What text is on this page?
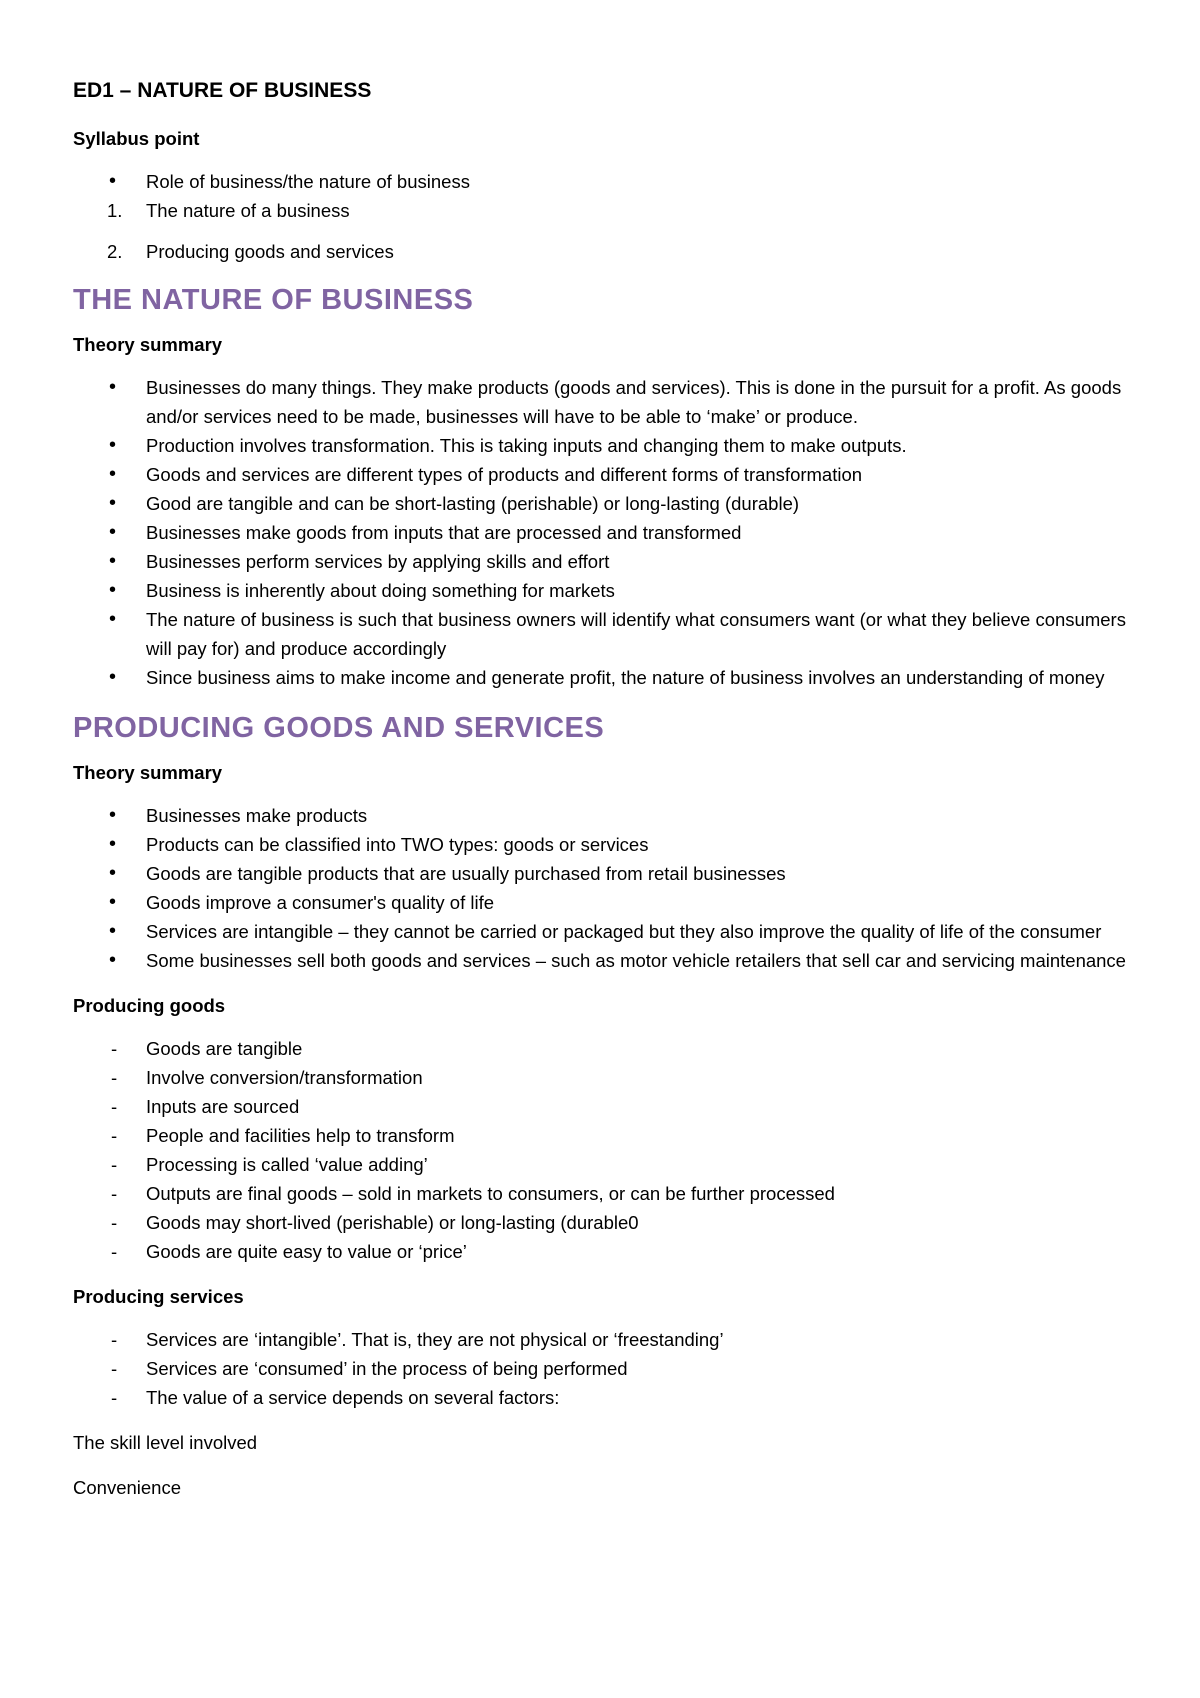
ED1 – NATURE OF BUSINESS
Syllabus point
• Role of business/the nature of business
1. The nature of a business
2. Producing goods and services
THE NATURE OF BUSINESS
Theory summary
• Businesses do many things. They make products (goods and services). This is done in the pursuit for a profit. As goods and/or services need to be made, businesses will have to be able to ‘make’ or produce.
• Production involves transformation. This is taking inputs and changing them to make outputs.
• Goods and services are different types of products and different forms of transformation
• Good are tangible and can be short-lasting (perishable) or long-lasting (durable)
• Businesses make goods from inputs that are processed and transformed
• Businesses perform services by applying skills and effort
• Business is inherently about doing something for markets
• The nature of business is such that business owners will identify what consumers want (or what they believe consumers will pay for) and produce accordingly
• Since business aims to make income and generate profit, the nature of business involves an understanding of money
PRODUCING GOODS AND SERVICES
Theory summary
• Businesses make products
• Products can be classified into TWO types: goods or services
• Goods are tangible products that are usually purchased from retail businesses
• Goods improve a consumer's quality of life
• Services are intangible – they cannot be carried or packaged but they also improve the quality of life of the consumer
• Some businesses sell both goods and services – such as motor vehicle retailers that sell car and servicing maintenance
Producing goods
- Goods are tangible
- Involve conversion/transformation
- Inputs are sourced
- People and facilities help to transform
- Processing is called ‘value adding’
- Outputs are final goods – sold in markets to consumers, or can be further processed
- Goods may short-lived (perishable) or long-lasting (durable0
- Goods are quite easy to value or ‘price’
Producing services
- Services are ‘intangible’. That is, they are not physical or ‘freestanding’
- Services are ‘consumed’ in the process of being performed
- The value of a service depends on several factors:

The skill level involved

Convenience
